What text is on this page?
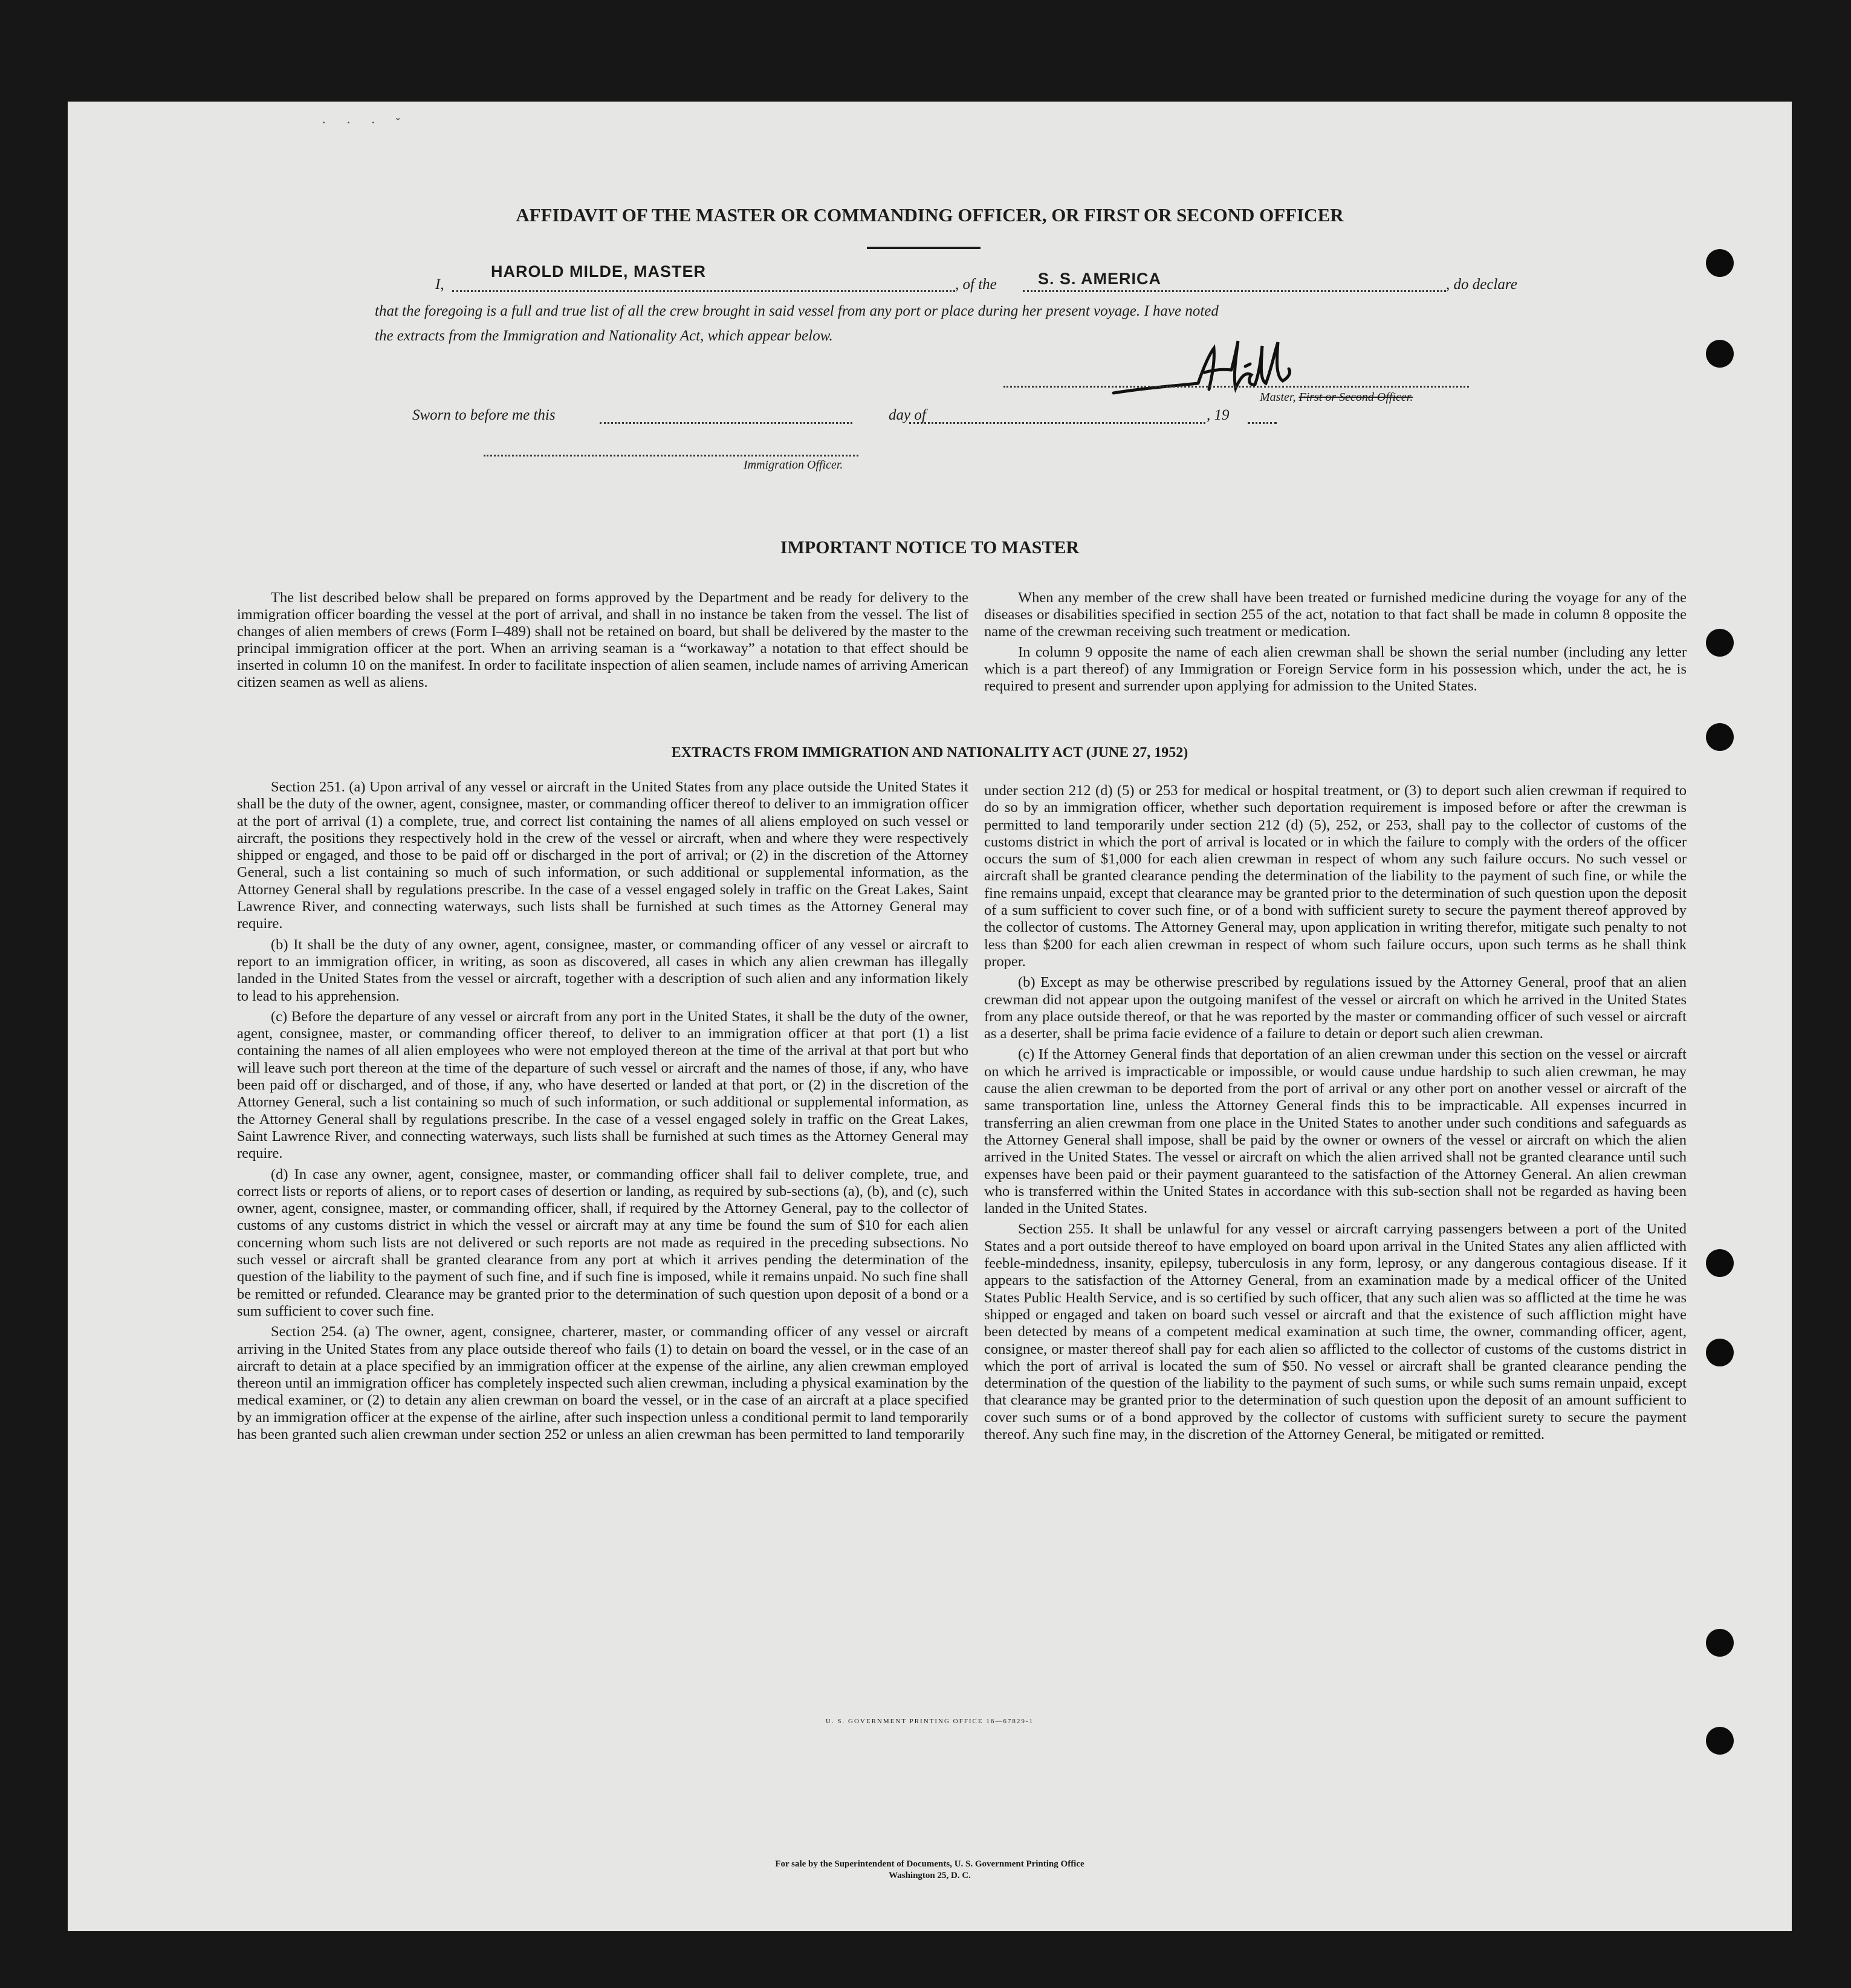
· · · ˘
AFFIDAVIT OF THE MASTER OR COMMANDING OFFICER, OR FIRST OR SECOND OFFICER
I,
HAROLD MILDE, MASTER
, of the	S. S. AMERICA	, do declare
that the foregoing is a full and true list of all the crew brought in said vessel from any port or place during her present voyage. I have noted
the extracts from the Immigration and Nationality Act, which appear below.
Master, First or Second Officer.
Sworn to before me this	day of	, 19
Immigration Officer.
IMPORTANT NOTICE TO MASTER

The list described below shall be prepared on forms approved by the Department and be ready for delivery to the immigration officer boarding the vessel at the port of arrival, and shall in no instance be taken from the vessel. The list of changes of alien members of crews (Form I–489) shall not be retained on board, but shall be delivered by the master to the principal immigration officer at the port. When an arriving seaman is a “workaway” a notation to that effect should be inserted in column 10 on the manifest. In order to facilitate inspection of alien seamen, include names of arriving American citizen seamen as well as aliens.

When any member of the crew shall have been treated or furnished medicine during the voyage for any of the diseases or disabilities specified in section 255 of the act, notation to that fact shall be made in column 8 opposite the name of the crewman receiving such treatment or medication.

In column 9 opposite the name of each alien crewman shall be shown the serial number (including any letter which is a part thereof) of any Immigration or Foreign Service form in his possession which, under the act, he is required to present and surrender upon applying for admission to the United States.

EXTRACTS FROM IMMIGRATION AND NATIONALITY ACT (JUNE 27, 1952)

Section 251. (a) Upon arrival of any vessel or aircraft in the United States from any place outside the United States it shall be the duty of the owner, agent, consignee, master, or commanding officer thereof to deliver to an immigration officer at the port of arrival (1) a complete, true, and correct list containing the names of all aliens employed on such vessel or aircraft, the positions they respectively hold in the crew of the vessel or aircraft, when and where they were respectively shipped or engaged, and those to be paid off or discharged in the port of arrival; or (2) in the discretion of the Attorney General, such a list containing so much of such information, or such additional or supplemental information, as the Attorney General shall by regulations prescribe. In the case of a vessel engaged solely in traffic on the Great Lakes, Saint Lawrence River, and connecting waterways, such lists shall be furnished at such times as the Attorney General may require.

(b) It shall be the duty of any owner, agent, consignee, master, or commanding officer of any vessel or aircraft to report to an immigration officer, in writing, as soon as discovered, all cases in which any alien crewman has illegally landed in the United States from the vessel or aircraft, together with a description of such alien and any information likely to lead to his apprehension.

(c) Before the departure of any vessel or aircraft from any port in the United States, it shall be the duty of the owner, agent, consignee, master, or commanding officer thereof, to deliver to an immigration officer at that port (1) a list containing the names of all alien employees who were not employed thereon at the time of the arrival at that port but who will leave such port thereon at the time of the departure of such vessel or aircraft and the names of those, if any, who have been paid off or discharged, and of those, if any, who have deserted or landed at that port, or (2) in the discretion of the Attorney General, such a list containing so much of such information, or such additional or supplemental information, as the Attorney General shall by regulations prescribe. In the case of a vessel engaged solely in traffic on the Great Lakes, Saint Lawrence River, and connecting waterways, such lists shall be furnished at such times as the Attorney General may require.

(d) In case any owner, agent, consignee, master, or commanding officer shall fail to deliver complete, true, and correct lists or reports of aliens, or to report cases of desertion or landing, as required by sub-sections (a), (b), and (c), such owner, agent, consignee, master, or commanding officer, shall, if required by the Attorney General, pay to the collector of customs of any customs district in which the vessel or aircraft may at any time be found the sum of $10 for each alien concerning whom such lists are not delivered or such reports are not made as required in the preceding subsections. No such vessel or aircraft shall be granted clearance from any port at which it arrives pending the determination of the question of the liability to the payment of such fine, and if such fine is imposed, while it remains unpaid. No such fine shall be remitted or refunded. Clearance may be granted prior to the determination of such question upon deposit of a bond or a sum sufficient to cover such fine.

Section 254. (a) The owner, agent, consignee, charterer, master, or commanding officer of any vessel or aircraft arriving in the United States from any place outside thereof who fails (1) to detain on board the vessel, or in the case of an aircraft to detain at a place specified by an immigration officer at the expense of the airline, any alien crewman employed thereon until an immigration officer has completely inspected such alien crewman, including a physical examination by the medical examiner, or (2) to detain any alien crewman on board the vessel, or in the case of an aircraft at a place specified by an immigration officer at the expense of the airline, after such inspection unless a conditional permit to land temporarily has been granted such alien crewman under section 252 or unless an alien crewman has been permitted to land temporarily

under section 212 (d) (5) or 253 for medical or hospital treatment, or (3) to deport such alien crewman if required to do so by an immigration officer, whether such deportation requirement is imposed before or after the crewman is permitted to land temporarily under section 212 (d) (5), 252, or 253, shall pay to the collector of customs of the customs district in which the port of arrival is located or in which the failure to comply with the orders of the officer occurs the sum of $1,000 for each alien crewman in respect of whom any such failure occurs. No such vessel or aircraft shall be granted clearance pending the determination of the liability to the payment of such fine, or while the fine remains unpaid, except that clearance may be granted prior to the determination of such question upon the deposit of a sum sufficient to cover such fine, or of a bond with sufficient surety to secure the payment thereof approved by the collector of customs. The Attorney General may, upon application in writing therefor, mitigate such penalty to not less than $200 for each alien crewman in respect of whom such failure occurs, upon such terms as he shall think proper.

(b) Except as may be otherwise prescribed by regulations issued by the Attorney General, proof that an alien crewman did not appear upon the outgoing manifest of the vessel or aircraft on which he arrived in the United States from any place outside thereof, or that he was reported by the master or commanding officer of such vessel or aircraft as a deserter, shall be prima facie evidence of a failure to detain or deport such alien crewman.

(c) If the Attorney General finds that deportation of an alien crewman under this section on the vessel or aircraft on which he arrived is impracticable or impossible, or would cause undue hardship to such alien crewman, he may cause the alien crewman to be deported from the port of arrival or any other port on another vessel or aircraft of the same transportation line, unless the Attorney General finds this to be impracticable. All expenses incurred in transferring an alien crewman from one place in the United States to another under such conditions and safeguards as the Attorney General shall impose, shall be paid by the owner or owners of the vessel or aircraft on which the alien arrived in the United States. The vessel or aircraft on which the alien arrived shall not be granted clearance until such expenses have been paid or their payment guaranteed to the satisfaction of the Attorney General. An alien crewman who is transferred within the United States in accordance with this sub-section shall not be regarded as having been landed in the United States.

Section 255. It shall be unlawful for any vessel or aircraft carrying passengers between a port of the United States and a port outside thereof to have employed on board upon arrival in the United States any alien afflicted with feeble-mindedness, insanity, epilepsy, tuberculosis in any form, leprosy, or any dangerous contagious disease. If it appears to the satisfaction of the Attorney General, from an examination made by a medical officer of the United States Public Health Service, and is so certified by such officer, that any such alien was so afflicted at the time he was shipped or engaged and taken on board such vessel or aircraft and that the existence of such affliction might have been detected by means of a competent medical examination at such time, the owner, commanding officer, agent, consignee, or master thereof shall pay for each alien so afflicted to the collector of customs of the customs district in which the port of arrival is located the sum of $50. No vessel or aircraft shall be granted clearance pending the determination of the question of the liability to the payment of such sums, or while such sums remain unpaid, except that clearance may be granted prior to the determination of such question upon the deposit of an amount sufficient to cover such sums or of a bond approved by the collector of customs with sufficient surety to secure the payment thereof. Any such fine may, in the discretion of the Attorney General, be mitigated or remitted.

U. S. GOVERNMENT PRINTING OFFICE 16—67829-1
For sale by the Superintendent of Documents, U. S. Government Printing Office
Washington 25, D. C.
